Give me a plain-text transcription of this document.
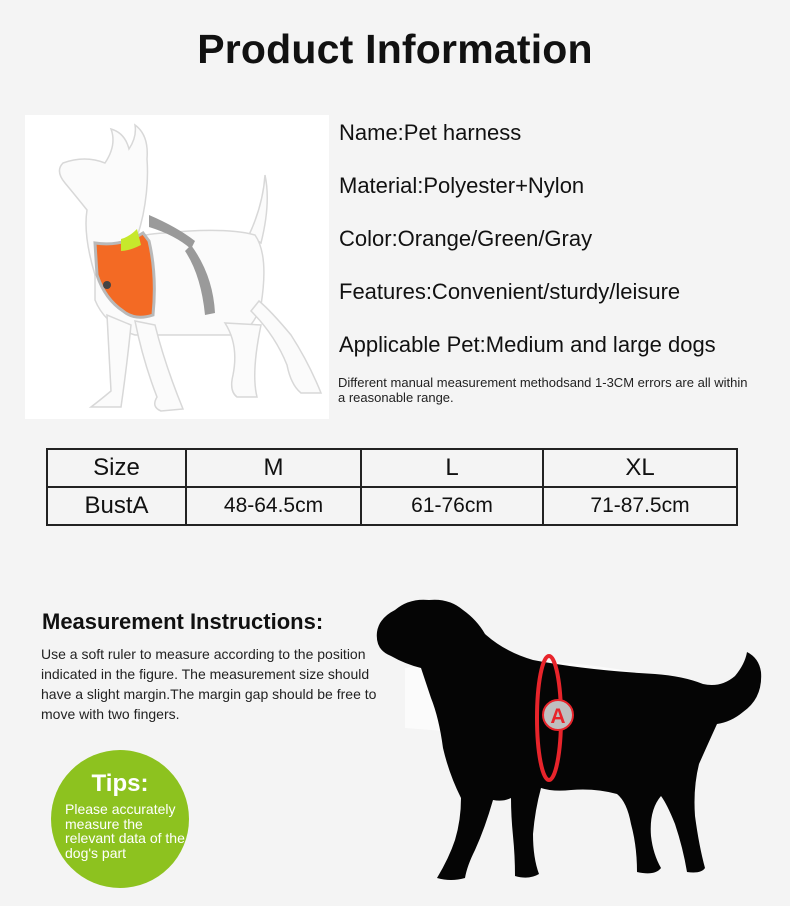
Product Information
Name:Pet harness
Material:Polyester+Nylon
Color:Orange/Green/Gray
Features:Convenient/sturdy/leisure
Applicable Pet:Medium and large dogs
Different manual measurement methodsand 1-3CM errors are all within a reasonable range.
Size	M	L	XL
BustA	48-64.5cm	61-76cm	71-87.5cm
Measurement Instructions:
Use a soft ruler to measure according to the position indicated in the figure. The measurement size should have a slight margin.The margin gap should be free to move with two fingers.
Tips:
Please accurately measure the relevant data of the dog's part
A
